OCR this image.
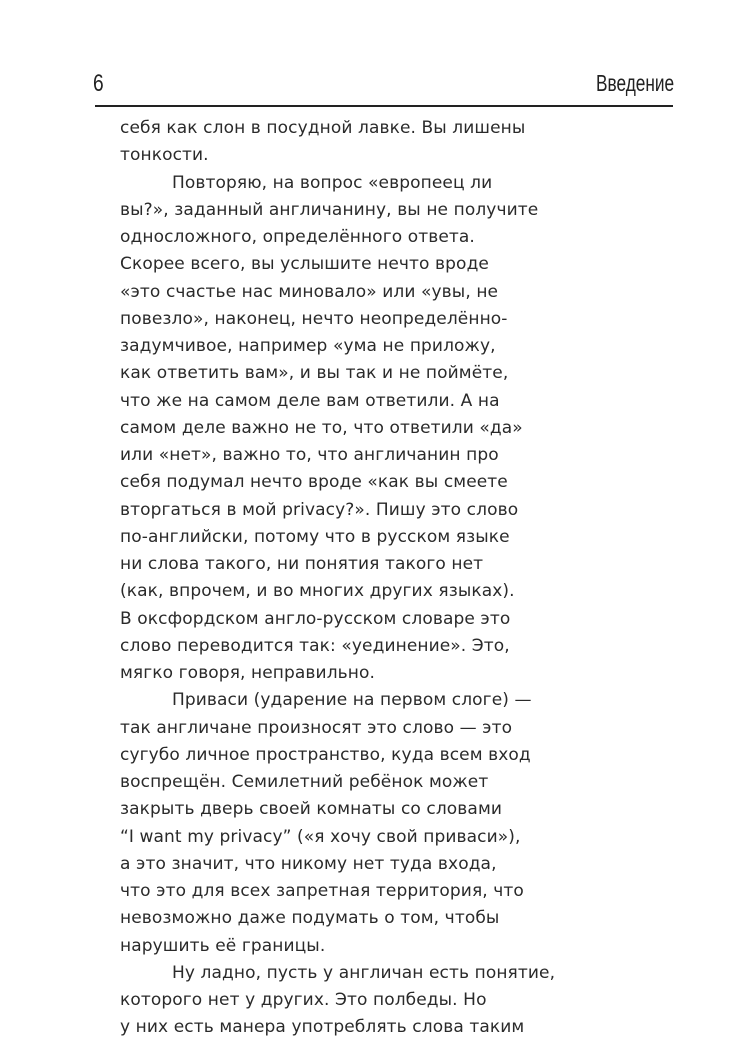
6	Введение
себя как слон в посудной лавке. Вы лишены
тонкости.
Повторяю, на вопрос «европеец ли
вы?», заданный англичанину, вы не получите
односложного, определённого ответа.
Скорее всего, вы услышите нечто вроде
«это счастье нас миновало» или «увы, не
повезло», наконец, нечто неопределённо-
задумчивое, например «ума не приложу,
как ответить вам», и вы так и не поймёте,
что же на самом деле вам ответили. А на
самом деле важно не то, что ответили «да»
или «нет», важно то, что англичанин про
себя подумал нечто вроде «как вы смеете
вторгаться в мой privacy?». Пишу это слово
по-английски, потому что в русском языке
ни слова такого, ни понятия такого нет
(как, впрочем, и во многих других языках).
В оксфордском англо-русском словаре это
слово переводится так: «уединение». Это,
мягко говоря, неправильно.
Приваси (ударение на первом слоге) —
так англичане произносят это слово — это
сугубо личное пространство, куда всем вход
воспрещён. Семилетний ребёнок может
закрыть дверь своей комнаты со словами
“I want my privacy” («я хочу свой приваси»),
а это значит, что никому нет туда входа,
что это для всех запретная территория, что
невозможно даже подумать о том, чтобы
нарушить её границы.
Ну ладно, пусть у англичан есть понятие,
которого нет у других. Это полбеды. Но
у них есть манера употреблять слова таким
